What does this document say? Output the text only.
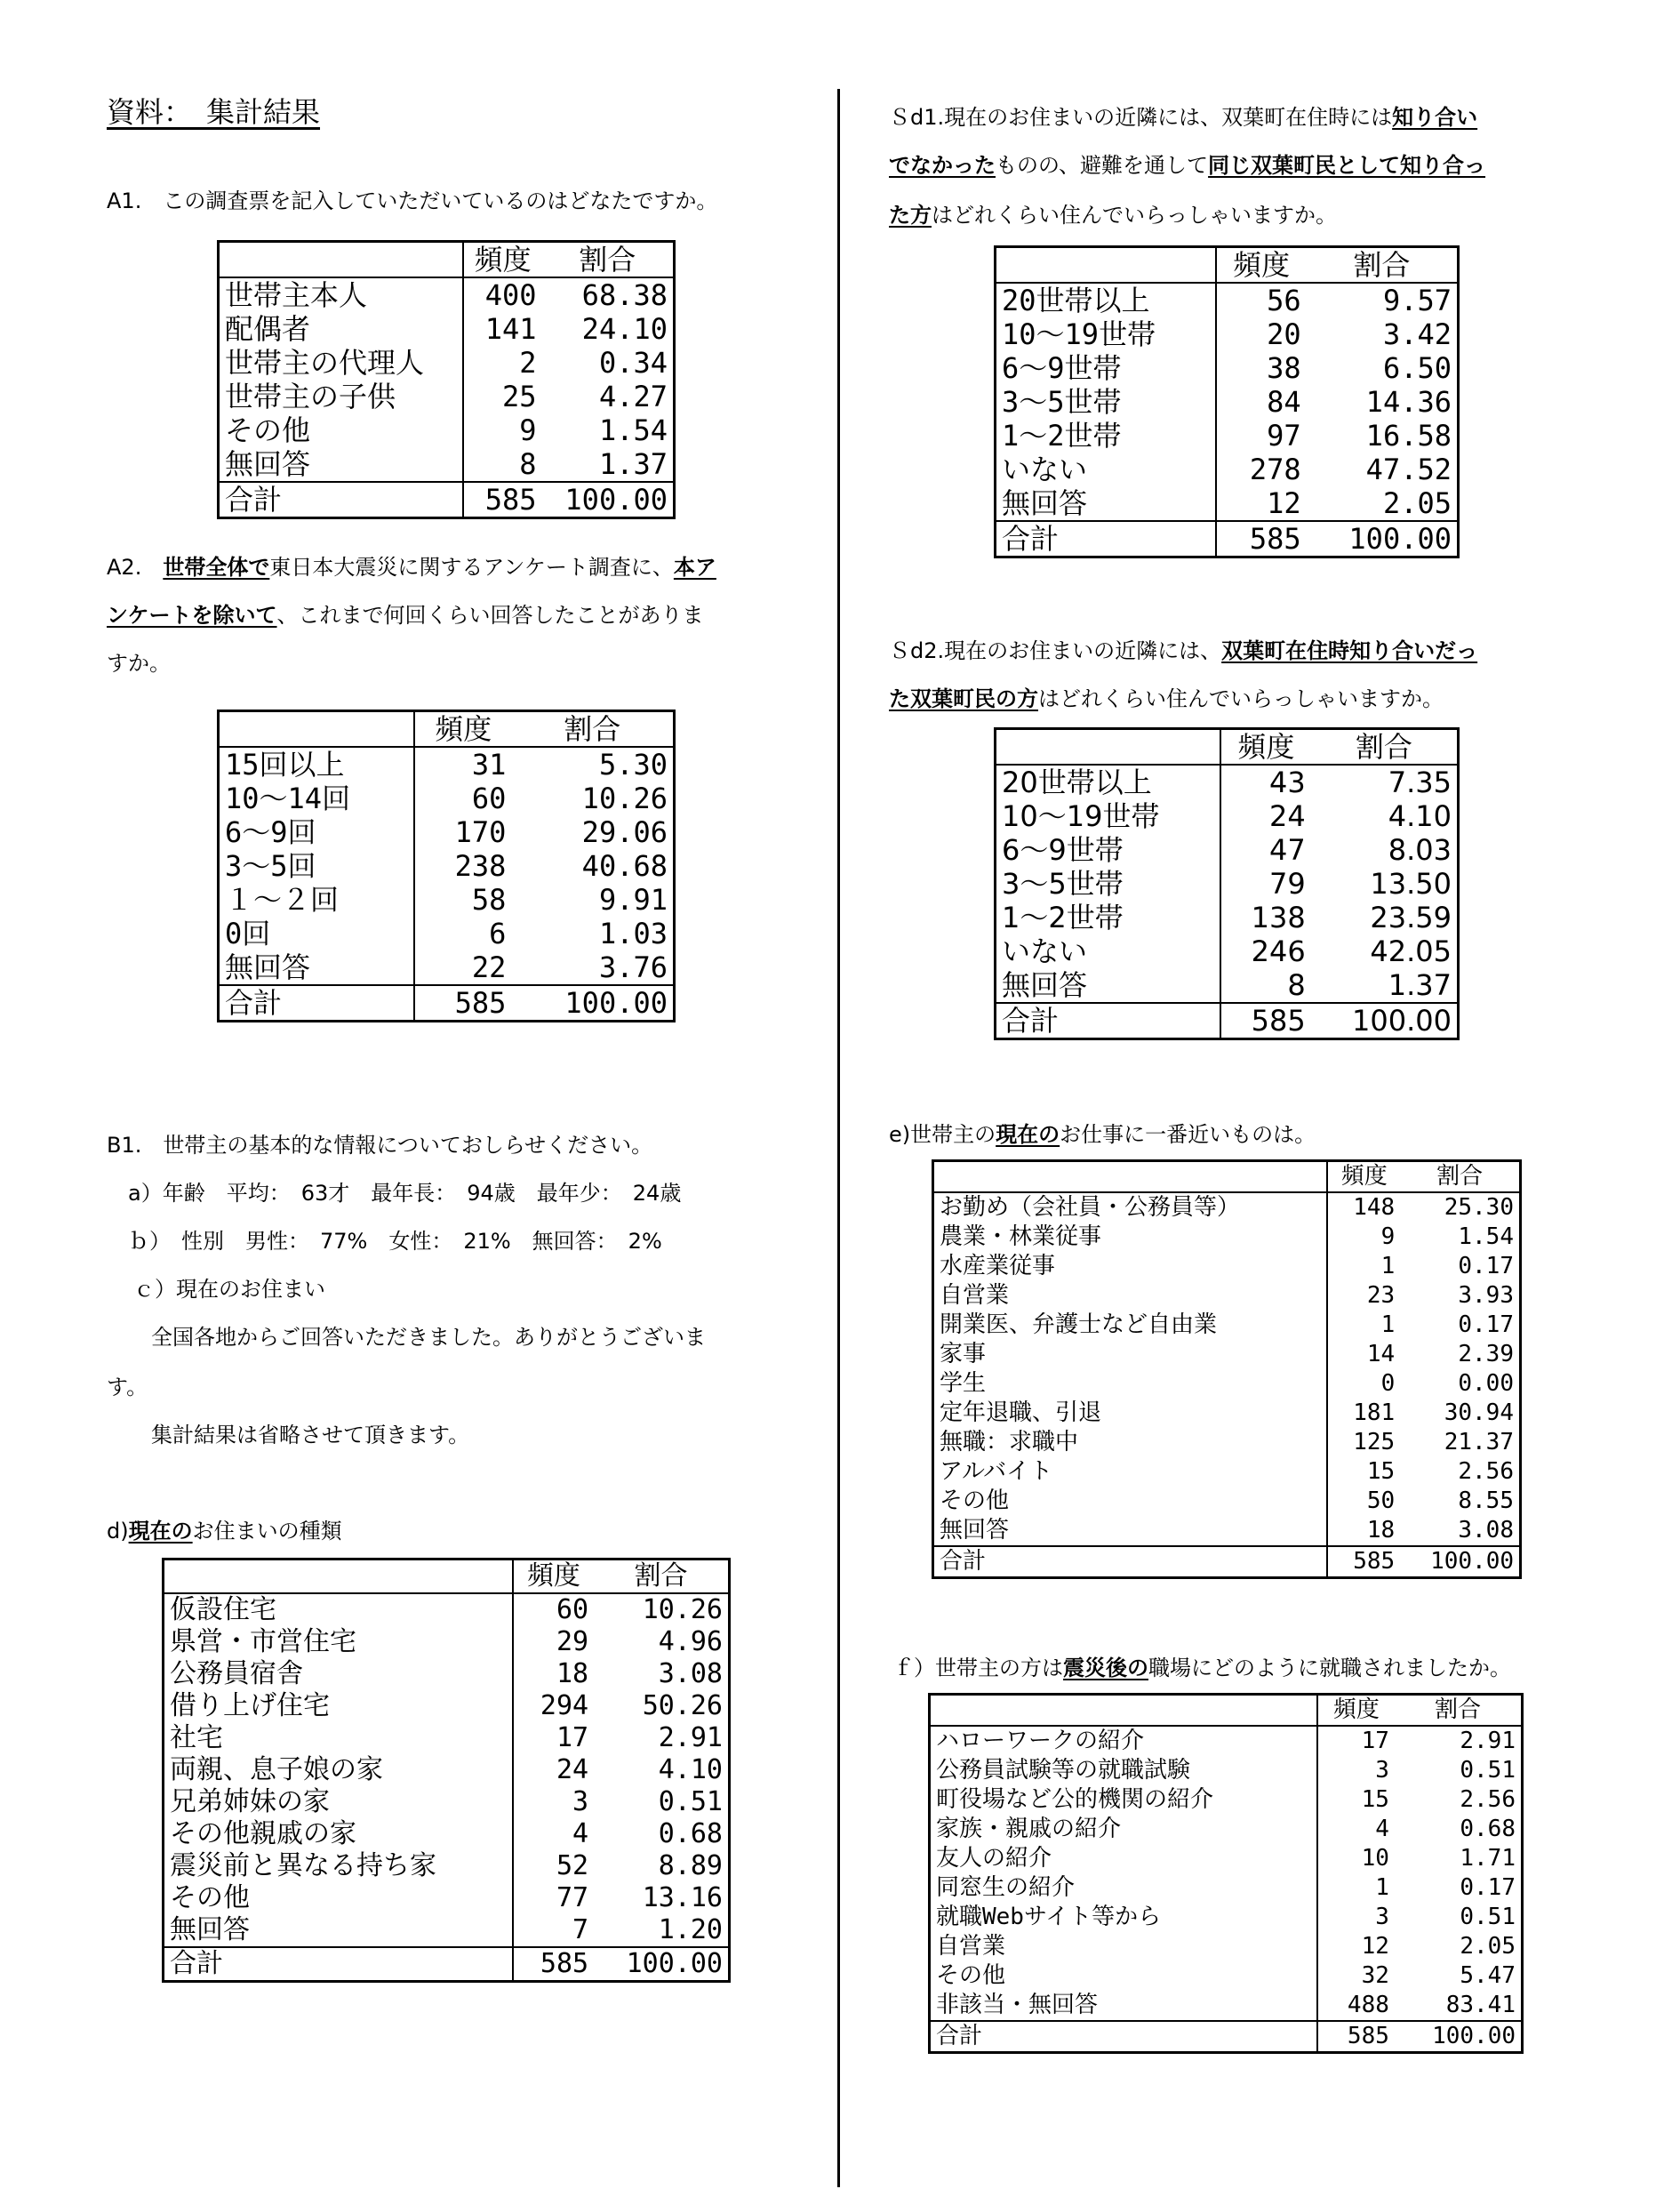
資料：　集計結果
A1.　この調査票を記入していただいているのはどなたですか。
	頻度	割合
世帯主本人	400	68.38
配偶者	141	24.10
世帯主の代理人	2	0.34
世帯主の子供	25	4.27
その他	9	1.54
無回答	8	1.37
合計	585	100.00
A2.　世帯全体で東日本大震災に関するアンケート調査に、本ア
ンケートを除いて、これまで何回くらい回答したことがありま
すか。
	頻度	割合
15回以上	31	5.30
10～14回	60	10.26
6～9回	170	29.06
3～5回	238	40.68
１～２回	58	9.91
0回	6	1.03
無回答	22	3.76
合計	585	100.00
B1.　世帯主の基本的な情報についておしらせください。
a）年齢　平均：　63才　最年長：　94歳　最年少：　24歳
ｂ）　性別　男性：　77%　女性：　21%　無回答：　2%
ｃ）現在のお住まい
全国各地からご回答いただきました。ありがとうございま
す。
集計結果は省略させて頂きます。
d)現在のお住まいの種類
	頻度	割合
仮設住宅	60	10.26
県営・市営住宅	29	4.96
公務員宿舎	18	3.08
借り上げ住宅	294	50.26
社宅	17	2.91
両親、息子娘の家	24	4.10
兄弟姉妹の家	3	0.51
その他親戚の家	4	0.68
震災前と異なる持ち家	52	8.89
その他	77	13.16
無回答	7	1.20
合計	585	100.00
Ｓd1.現在のお住まいの近隣には、双葉町在住時には知り合い
でなかったものの、避難を通して同じ双葉町民として知り合っ
た方はどれくらい住んでいらっしゃいますか。
	頻度	割合
20世帯以上	56	9.57
10～19世帯	20	3.42
6～9世帯	38	6.50
3～5世帯	84	14.36
1～2世帯	97	16.58
いない	278	47.52
無回答	12	2.05
合計	585	100.00
Ｓd2.現在のお住まいの近隣には、双葉町在住時知り合いだっ
た双葉町民の方はどれくらい住んでいらっしゃいますか。
	頻度	割合
20世帯以上	43	7.35
10～19世帯	24	4.10
6～9世帯	47	8.03
3～5世帯	79	13.50
1～2世帯	138	23.59
いない	246	42.05
無回答	8	1.37
合計	585	100.00
e)世帯主の現在のお仕事に一番近いものは。
	頻度	割合
お勤め（会社員・公務員等）	148	25.30
農業・林業従事	9	1.54
水産業従事	1	0.17
自営業	23	3.93
開業医、弁護士など自由業	1	0.17
家事	14	2.39
学生	0	0.00
定年退職、引退	181	30.94
無職：求職中	125	21.37
アルバイト	15	2.56
その他	50	8.55
無回答	18	3.08
合計	585	100.00
ｆ）世帯主の方は震災後の職場にどのように就職されましたか。
	頻度	割合
ハローワークの紹介	17	2.91
公務員試験等の就職試験	3	0.51
町役場など公的機関の紹介	15	2.56
家族・親戚の紹介	4	0.68
友人の紹介	10	1.71
同窓生の紹介	1	0.17
就職Webサイト等から	3	0.51
自営業	12	2.05
その他	32	5.47
非該当・無回答	488	83.41
合計	585	100.00
